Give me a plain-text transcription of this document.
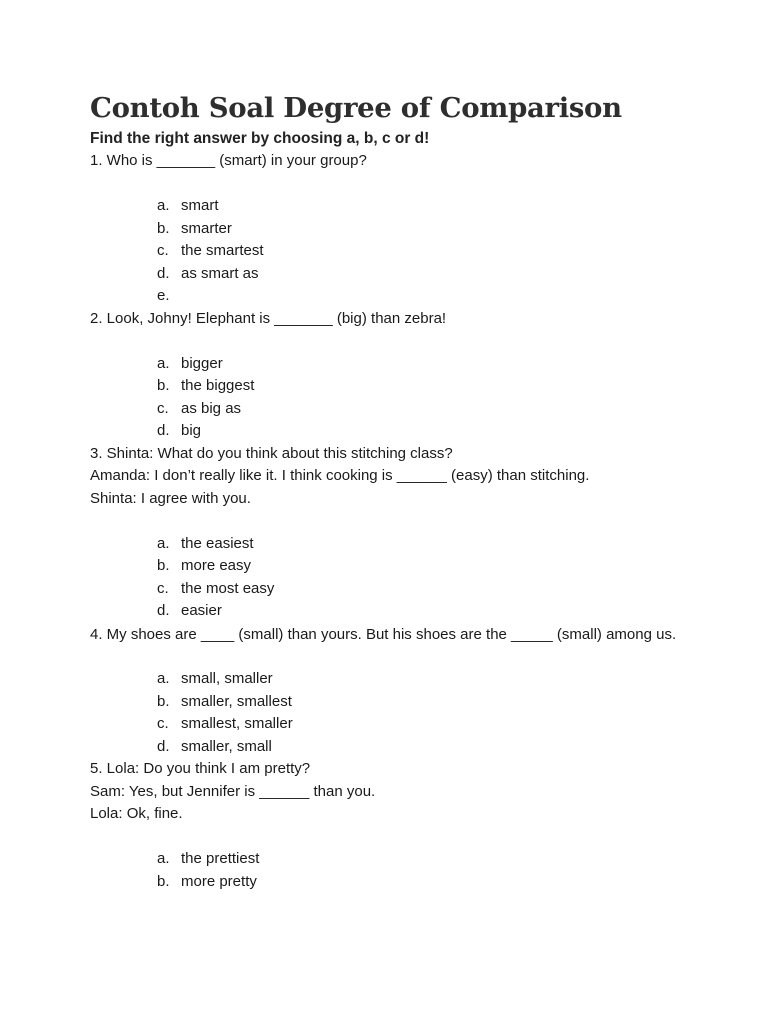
Contoh Soal Degree of Comparison
Find the right answer by choosing a, b, c or d!
1. Who is _______ (smart) in your group?
a. smart
b. smarter
c. the smartest
d. as smart as
e.
2. Look, Johny! Elephant is _______ (big) than zebra!
a. bigger
b. the biggest
c. as big as
d. big
3. Shinta: What do you think about this stitching class?
Amanda: I don’t really like it. I think cooking is ______ (easy) than stitching.
Shinta: I agree with you.
a. the easiest
b. more easy
c. the most easy
d. easier
4. My shoes are ____ (small) than yours. But his shoes are the _____ (small) among us.
a. small, smaller
b. smaller, smallest
c. smallest, smaller
d. smaller, small
5. Lola: Do you think I am pretty?
Sam: Yes, but Jennifer is ______ than you.
Lola: Ok, fine.
a. the prettiest
b. more pretty
